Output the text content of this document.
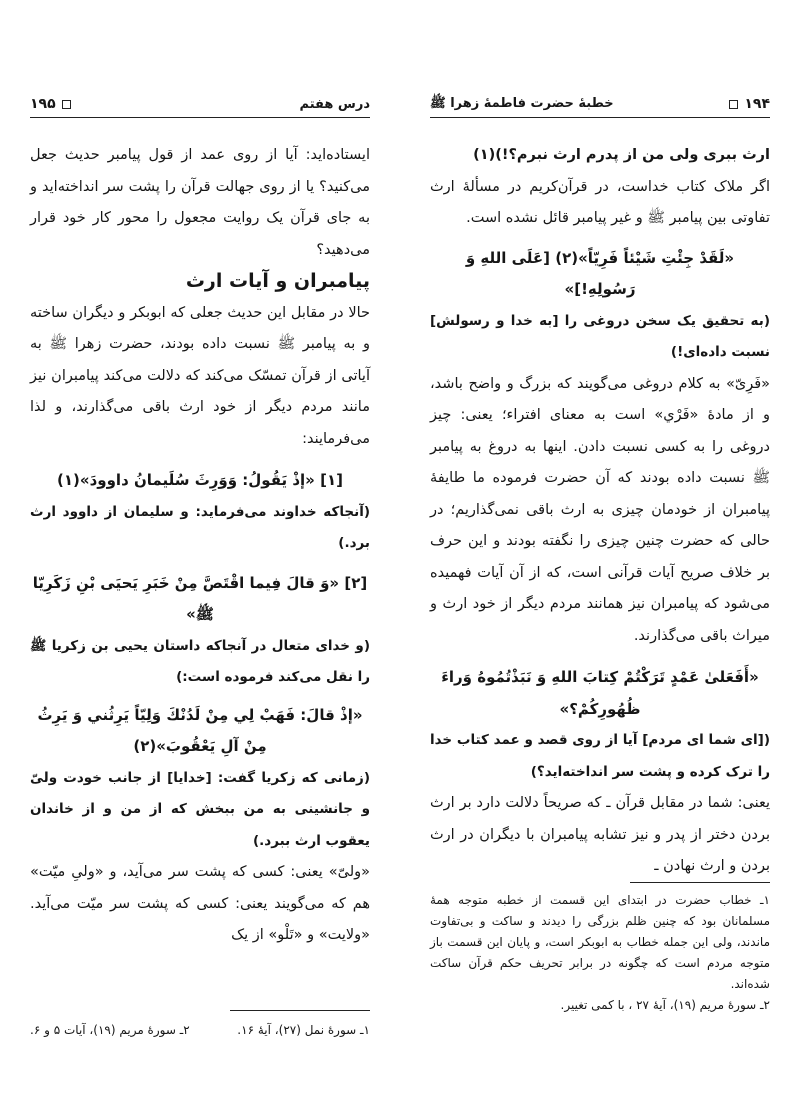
درس هفتم
۱۹۵

ایستاده‌اید: آیا از روی عمد از قول پیامبر حدیث جعل می‌کنید؟ یا از روی جهالت قرآن را پشت سر انداخته‌اید و به جای قرآن یک روایت مجعول را محور کار خود قرار می‌دهید؟

پیامبران و آیات ارث

حالا در مقابل این حدیث جعلی که ابوبکر و دیگران ساخته و به پیامبر ﷺ نسبت داده بودند، حضرت زهرا ﷺ به آیاتی از قرآن تمسّک می‌کند که دلالت می‌کند پیامبران نیز مانند مردم دیگر از خود ارث باقی می‌گذارند، و لذا می‌فرمایند:

[۱] «إذْ یَقُولُ: وَوَرِثَ سُلَیمانُ داوودَ»(۱)

(آنجاکه خداوند می‌فرماید: و سلیمان از داوود ارث برد.)

[۲] «وَ قالَ فِیما اقْتَصَّ مِنْ خَبَرِ یَحیَی بْنِ زَکَرِیّا ﷺ»

(و خدای متعال در آنجاکه داستان یحیی بن زکریا ﷺ را نقل می‌کند فرموده است:)

«إذْ قالَ: فَهَبْ لِي مِنْ لَدُنْكَ وَلِيّاً يَرِثُني وَ يَرِثُ مِنْ آلِ يَعْقُوبَ»(۲)

(زمانی که زکریا گفت: [خدایا] از جانب خودت ولیّ و جانشینی به من ببخش که از من و از خاندان یعقوب ارث ببرد.)

«ولیّ» یعنی: کسی که پشت سر می‌آید، و «ولیِ میّت» هم که می‌گویند یعنی: کسی که پشت سر میّت می‌آید. «ولایت» و «تَلْو» از یک

۱ـ سورهٔ نمل (۲۷)، آیهٔ ۱۶.
۲ـ سورهٔ مریم (۱۹)، آیات ۵ و ۶.
۱۹۴
خطبهٔ حضرت فاطمهٔ زهرا ﷺ

ارث ببری ولی من از پدرم ارث نبرم؟!)(۱)

اگر ملاک کتاب خداست، در قرآن‌کریم در مسألهٔ ارث تفاوتی بین پیامبر ﷺ و غیر پیامبر قائل نشده است.

«لَقَدْ جِئْتِ شَیْئاً فَرِیّاً»(۲) [عَلَی اللهِ وَ رَسُولِهِ!]»

(به تحقیق یک سخن دروغی را [به خدا و رسولش] نسبت داده‌ای!)

«فَرِیّ» به کلام دروغی می‌گویند که بزرگ و واضح باشد، و از مادهٔ «فَرْي» است به معنای افتراء؛ یعنی: چیز دروغی را به کسی نسبت دادن. اینها به دروغ به پیامبر ﷺ نسبت داده بودند که آن حضرت فرموده ما طایفهٔ پیامبران از خودمان چیزی به ارث باقی نمی‌گذاریم؛ در حالی که حضرت چنین چیزی را نگفته بودند و این حرف بر خلاف صریح آیات قرآنی است، که از آن آیات فهمیده می‌شود که پیامبران نیز همانند مردم دیگر از خود ارث و میراث باقی می‌گذارند.

«أَفَعَلیٰ عَمْدٍ تَرَکْتُمْ کِتابَ اللهِ وَ نَبَذْتُمُوهُ وَراءَ ظُهُورِکُمْ؟»

([ای شما ای مردم] آیا از روی قصد و عمد کتاب خدا را ترک کرده و پشت سر انداخته‌اید؟)

یعنی: شما در مقابل قرآن ـ که صریحاً دلالت دارد بر ارث بردن دختر از پدر و نیز تشابه پیامبران با دیگران در ارث بردن و ارث نهادن ـ

۱ـ خطاب حضرت در ابتدای این قسمت از خطبه متوجه همهٔ مسلمانان بود که چنین ظلم بزرگی را دیدند و ساکت و بی‌تفاوت ماندند، ولی این جمله خطاب به ابوبکر است، و پایان این قسمت باز متوجه مردم است که چگونه در برابر تحریف حکم قرآن ساکت شده‌اند.
۲ـ سورهٔ مریم (۱۹)، آیهٔ ۲۷ ، با کمی تغییر.
